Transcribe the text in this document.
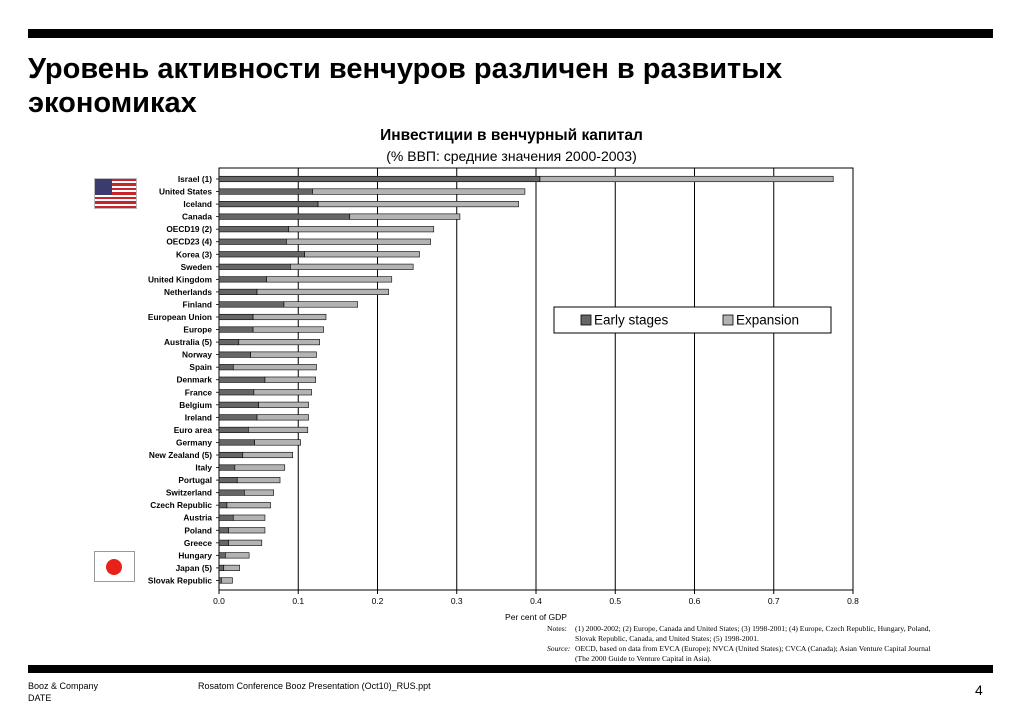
Уровень активности венчуров различен в развитых экономиках
Инвестиции в венчурный капитал
(% ВВП: средние значения 2000-2003)
0.0	0.1	0.2	0.3	0.4	0.5	0.6	0.7	0.8
Per cent of GDP
Israel (1)
United States
Iceland
Canada
OECD19 (2)
OECD23 (4)
Korea (3)
Sweden
United Kingdom
Netherlands
Finland
European Union
Europe
Australia (5)
Norway
Spain
Denmark
France
Belgium
Ireland
Euro area
Germany
New Zealand (5)
Italy
Portugal
Switzerland
Czech Republic
Austria
Poland
Greece
Hungary
Japan (5)
Slovak Republic
Early stages	Expansion
Notes:	(1) 2000-2002; (2) Europe, Canada and United States; (3) 1998-2001; (4) Europe, Czech Republic, Hungary, Poland,
Slovak Republic, Canada, and United States; (5) 1998-2001.
Source: OECD, based on data from EVCA (Europe); NVCA (United States); CVCA (Canada); Asian Venture Capital Journal
(The 2000 Guide to Venture Capital in Asia).
Booz & Company
DATE
Rosatom Conference Booz Presentation (Oct10)_RUS.ppt	4
